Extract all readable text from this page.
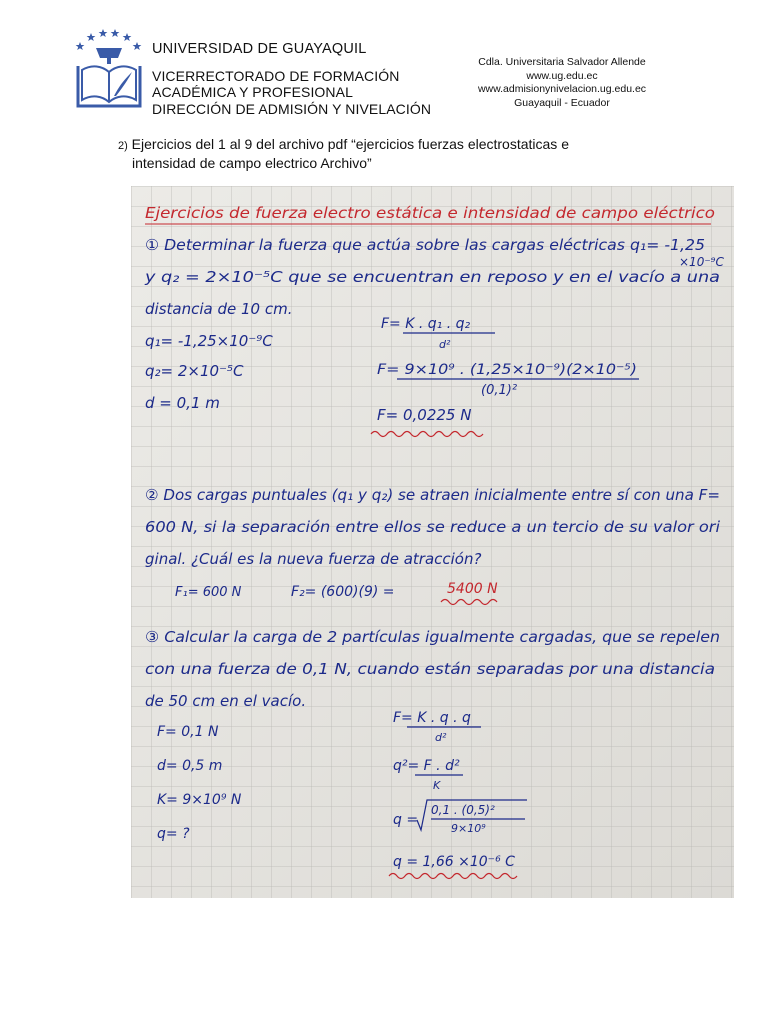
UNIVERSIDAD DE GUAYAQUIL
VICERRECTORADO DE FORMACIÓN
ACADÉMICA Y PROFESIONAL
DIRECCIÓN DE ADMISIÓN Y NIVELACIÓN
Cdla. Universitaria Salvador Allende
www.ug.edu.ec
www.admisionynivelacion.ug.edu.ec
Guayaquil - Ecuador
2) Ejercicios del 1 al 9 del archivo pdf “ejercicios fuerzas electrostaticas e
intensidad de campo electrico Archivo”
Ejercicios de fuerza electro estática e intensidad de campo eléctrico
① Determinar la fuerza que actúa sobre las cargas eléctricas q₁= -1,25
×10⁻⁹C
y q₂ = 2×10⁻⁵C que se encuentran en reposo y en el vacío a una
distancia de 10 cm.
q₁= -1,25×10⁻⁹C
q₂= 2×10⁻⁵C
d = 0,1 m
F= K . q₁ . q₂
d²
F= 9×10⁹ . (1,25×10⁻⁹)(2×10⁻⁵)
(0,1)²
F= 0,0225 N
② Dos cargas puntuales (q₁ y q₂) se atraen inicialmente entre sí con una F=
600 N, si la separación entre ellos se reduce a un tercio de su valor ori
ginal. ¿Cuál es la nueva fuerza de atracción?
F₁= 600 N	F₂= (600)(9) =	5400 N
③ Calcular la carga de 2 partículas igualmente cargadas, que se repelen
con una fuerza de 0,1 N, cuando están separadas por una distancia
de 50 cm en el vacío.
F= 0,1 N
d= 0,5 m
K= 9×10⁹ N
q= ?
F= K . q . q
d²
q²= F . d²
K
q =
0,1 . (0,5)²
9×10⁹
q = 1,66 ×10⁻⁶ C
